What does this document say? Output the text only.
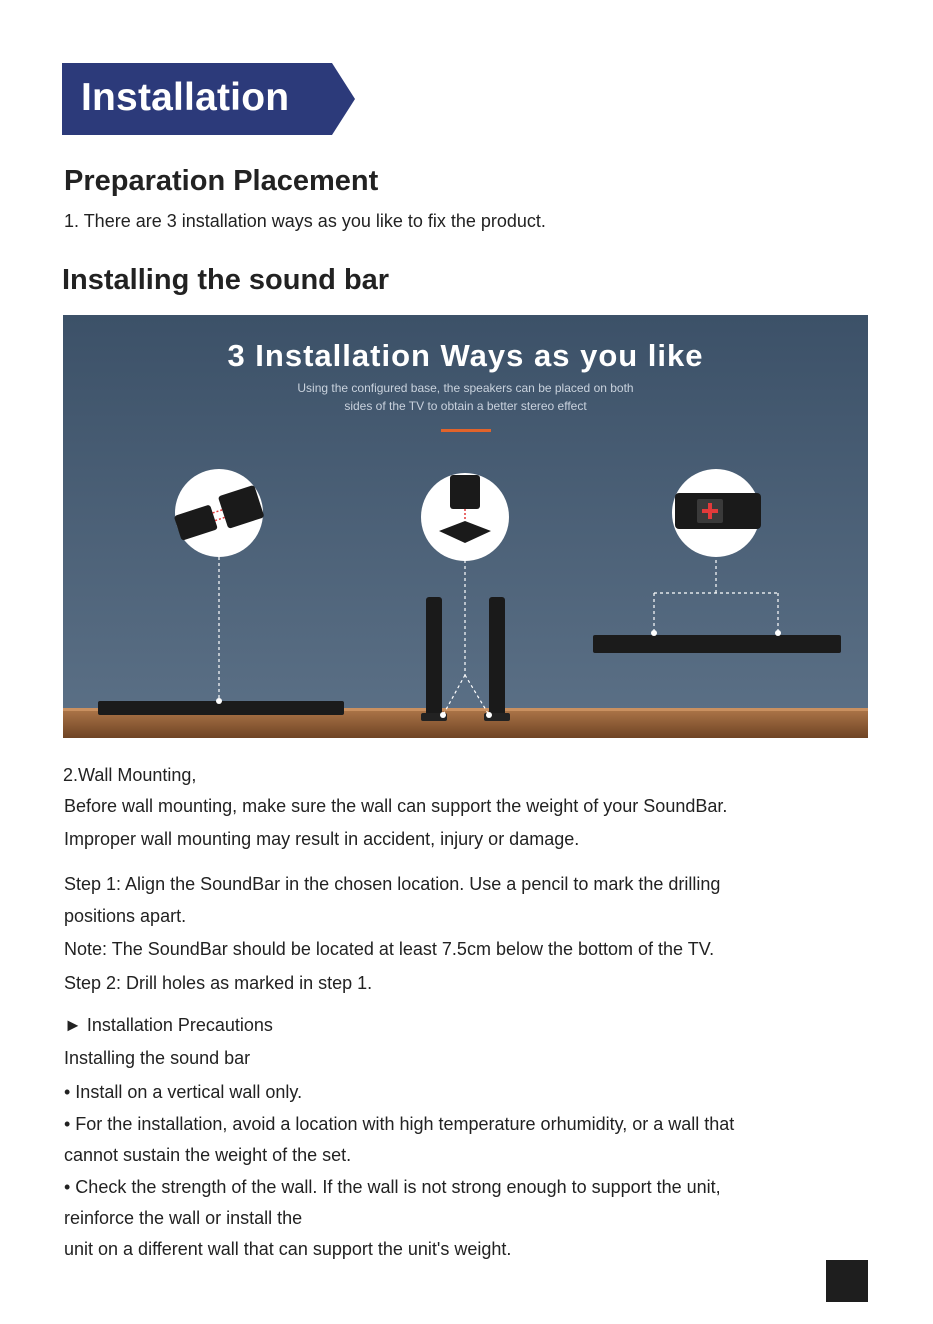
Installation
Preparation Placement
1. There are 3 installation ways as you like to fix the product.
Installing the sound bar
3 Installation Ways as you like
Using the configured base, the speakers can be placed on both
sides of the TV to obtain a better stereo effect
2.Wall Mounting,
Before wall mounting, make sure the wall can support the weight of your SoundBar.
Improper wall mounting may result in accident, injury or damage.
Step 1: Align the SoundBar in the chosen location. Use a pencil to mark the drilling
positions apart.
Note: The SoundBar should be located at least 7.5cm below the bottom of the TV.
Step 2: Drill holes as marked in step 1.
► Installation Precautions
Installing the sound bar
• Install on a vertical wall only.
• For the installation, avoid a location with high temperature orhumidity, or a wall that
cannot sustain the weight of the set.
• Check the strength of the wall. If the wall is not strong enough to support the unit,
reinforce the wall or install the
unit on a different wall that can support the unit's weight.
